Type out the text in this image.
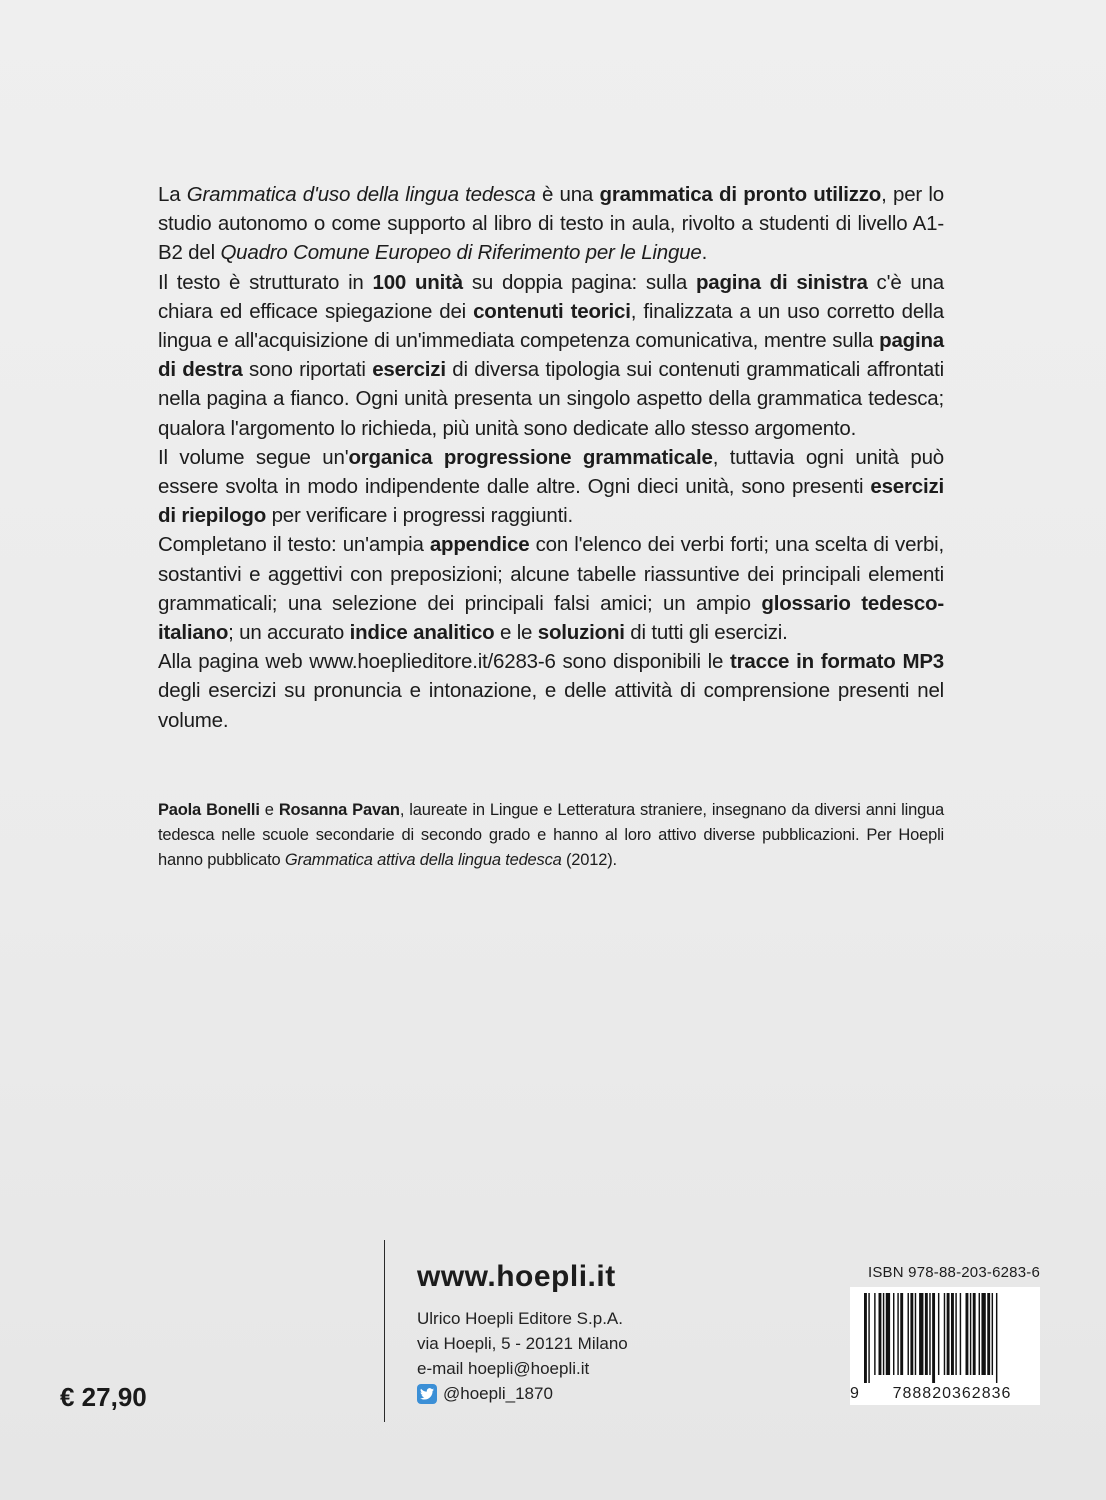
La Grammatica d'uso della lingua tedesca è una grammatica di pronto utilizzo, per lo studio autonomo o come supporto al libro di testo in aula, rivolto a studenti di livello A1-B2 del Quadro Comune Europeo di Riferimento per le Lingue.

Il testo è strutturato in 100 unità su doppia pagina: sulla pagina di sinistra c'è una chiara ed efficace spiegazione dei contenuti teorici, finalizzata a un uso corretto della lingua e all'acquisizione di un'immediata competenza comunicativa, mentre sulla pagina di destra sono riportati esercizi di diversa tipologia sui contenuti grammaticali affrontati nella pagina a fianco. Ogni unità presenta un singolo aspetto della grammatica tedesca; qualora l'argomento lo richieda, più unità sono dedicate allo stesso argomento.

Il volume segue un'organica progressione grammaticale, tuttavia ogni unità può essere svolta in modo indipendente dalle altre. Ogni dieci unità, sono presenti esercizi di riepilogo per verificare i progressi raggiunti.

Completano il testo: un'ampia appendice con l'elenco dei verbi forti; una scelta di verbi, sostantivi e aggettivi con preposizioni; alcune tabelle riassuntive dei principali elementi grammaticali; una selezione dei principali falsi amici; un ampio glossario tedesco-italiano; un accurato indice analitico e le soluzioni di tutti gli esercizi.

Alla pagina web www.hoeplieditore.it/6283-6 sono disponibili le tracce in formato MP3 degli esercizi su pronuncia e intonazione, e delle attività di comprensione presenti nel volume.

Paola Bonelli e Rosanna Pavan, laureate in Lingue e Letteratura straniere, insegnano da diversi anni lingua tedesca nelle scuole secondarie di secondo grado e hanno al loro attivo diverse pubblicazioni. Per Hoepli hanno pubblicato Grammatica attiva della lingua tedesca (2012).

www.hoepli.it
Ulrico Hoepli Editore S.p.A.
via Hoepli, 5 - 20121 Milano
e-mail hoepli@hoepli.it
@hoepli_1870
€ 27,90
ISBN 978-88-203-6283-6
9	788820362836
